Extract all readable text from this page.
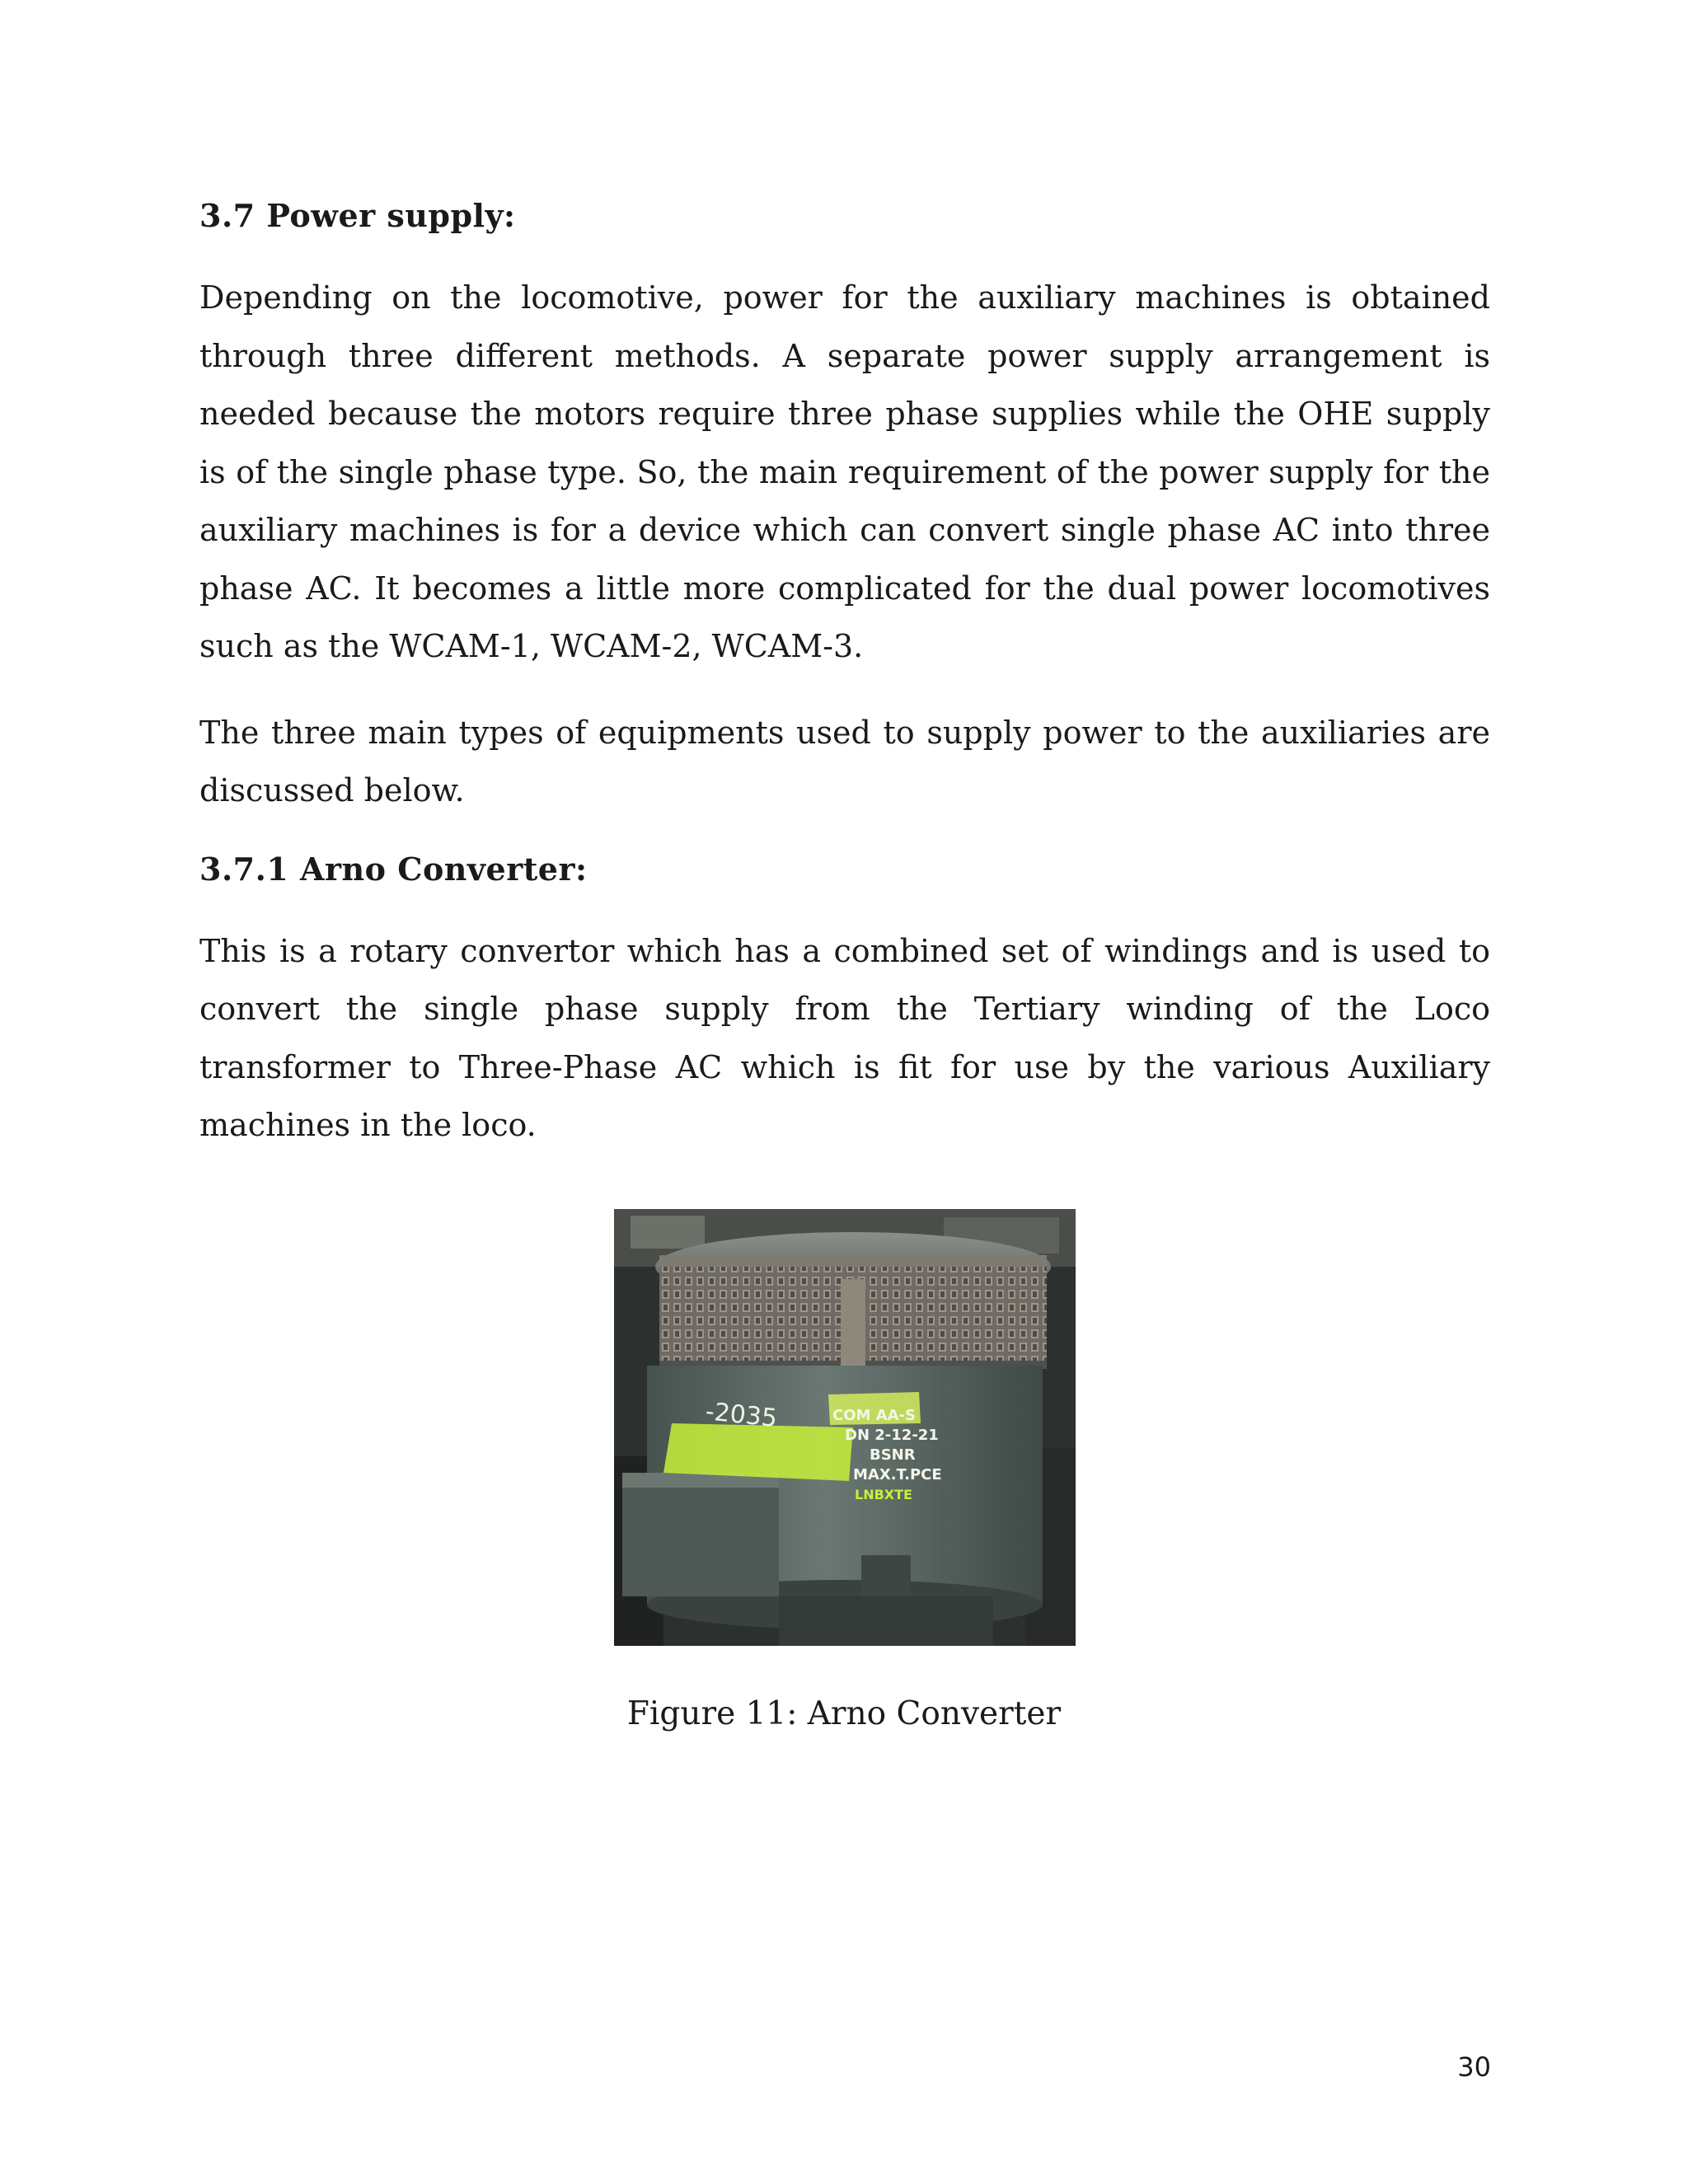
3.7 Power supply:

Depending on the locomotive, power for the auxiliary machines is obtained through three different methods. A separate power supply arrangement is needed because the motors require three phase supplies while the OHE supply is of the single phase type. So, the main requirement of the power supply for the auxiliary machines is for a device which can convert single phase AC into three phase AC. It becomes a little more complicated for the dual power locomotives such as the WCAM-1, WCAM-2, WCAM-3.

The three main types of equipments used to supply power to the auxiliaries are discussed below.

3.7.1 Arno Converter:

This is a rotary convertor which has a combined set of windings and is used to convert the single phase supply from the Tertiary winding of the Loco transformer to Three-Phase AC which is fit for use by the various Auxiliary machines in the loco.

-2035	COM AA-S
DN 2-12-21
BSNR
MAX.T.PCE
LNBXTE
Figure 11: Arno Converter
30
